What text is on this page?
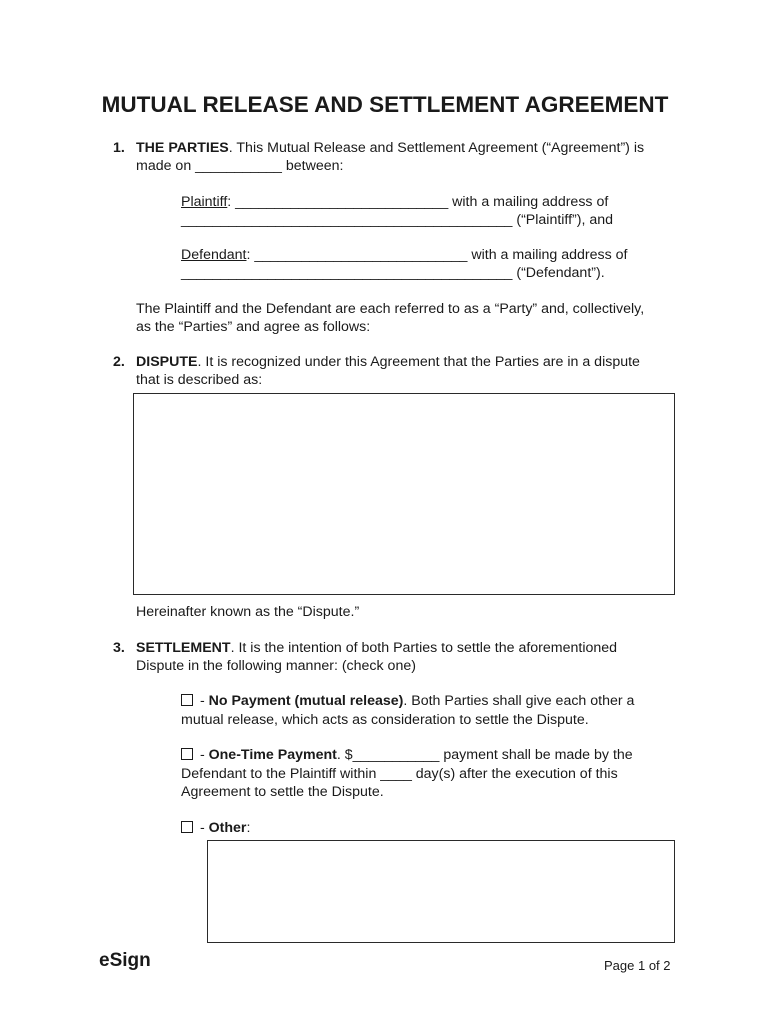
MUTUAL RELEASE AND SETTLEMENT AGREEMENT
1. THE PARTIES. This Mutual Release and Settlement Agreement (“Agreement”) is
made on ___________ between:
Plaintiff: ___________________________ with a mailing address of
__________________________________________ (“Plaintiff”), and
Defendant: ___________________________ with a mailing address of
__________________________________________ (“Defendant”).
The Plaintiff and the Defendant are each referred to as a “Party” and, collectively,
as the “Parties” and agree as follows:
2. DISPUTE. It is recognized under this Agreement that the Parties are in a dispute
that is described as:
Hereinafter known as the “Dispute.”
3. SETTLEMENT. It is the intention of both Parties to settle the aforementioned
Dispute in the following manner: (check one)
- No Payment (mutual release). Both Parties shall give each other a
mutual release, which acts as consideration to settle the Dispute.
- One-Time Payment. $___________ payment shall be made by the
Defendant to the Plaintiff within ____ day(s) after the execution of this
Agreement to settle the Dispute.
- Other:
eSign	Page 1 of 2
